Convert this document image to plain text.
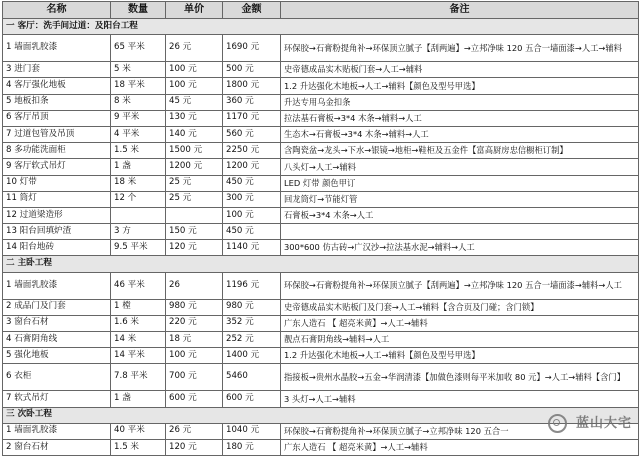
名称	数量	单价	金额	备注
一 客厅：洗手间过道：及阳台工程				
1 墙面乳胶漆	65 平米	26 元	1690 元	环保胶→石膏粉提角补→环保顶立腻子【刮两遍】→立邦净味 120 五合一墙面漆→人工→辅料
3 进门套	5 米	100 元	500 元	史帝德成品实木贴板门套→人工→辅料
4 客厅强化地板	18 平米	100 元	1800 元	1.2 升达强化木地板→人工→辅料【颜色及型号甲选】
5 地板扣条	8 米	45 元	360 元	升达专用乌金扣条
6 客厅吊顶	9 平米	130 元	1170 元	拉法基石膏板→3*4 木条→辅料→人工
7 过道包管及吊顶	4 平米	140 元	560 元	生态木→石膏板→3*4 木条→辅料→人工
8 多功能洗面柜	1.5 米	1500 元	2250 元	含陶瓷盆→龙头→下水→银镜→地柜→鞋柜及五金件【富高厨房忠信橱柜订制】
9 客厅软式吊灯	1 盏	1200 元	1200 元	八头灯→人工→辅料
10 灯带	18 米	25 元	450 元	LED 灯带 颜色甲订
11 筒灯	12 个	25 元	300 元	回龙筒灯→节能灯管
12 过道梁造形			100 元	石膏板→3*4 木条→人工
13 阳台回填炉渣	3 方	150 元	450 元	
14 阳台地砖	9.5 平米	120 元	1140 元	300*600 仿古砖→广汉沙→拉法基水泥→辅料→人工
二 主卧工程				
1 墙面乳胶漆	46 平米	26	1196 元	环保胶→石膏粉提角补→环保顶立腻子【刮两遍】→立邦净味 120 五合一墙面漆→辅料→人工
2 成品门及门套	1 樘	980 元	980 元	史帝德成品实木贴板门及门套→人工→辅料【含合页及门碰；含门锁】
3 窗台石材	1.6 米	220 元	352 元	广东人造石 【 超亮米黄】→人工→辅料
4 石膏阴角线	14 米	18 元	252 元	靓点石膏阴角线→辅料→人工
5 强化地板	14 平米	100 元	1400 元	1.2 升达强化木地板→人工→辅料【颜色及型号甲选】
6 衣柜	7.8 平米	700 元	5460	指接板→贵州水晶胶→五金→华润清漆【加做色漆则每平米加收 80 元】→人工→辅料【含门】
7 软式吊灯	1 盏	600 元	600 元	3 头灯→人工→辅料
三 次卧工程				
1 墙面乳胶漆	40 平米	26 元	1040 元	环保胶→石膏粉提角补→环保顶立腻子→立邦净味 120 五合一
2 窗台石材	1.5 米	120 元	180 元	广东人造石 【 超亮米黄】→人工→辅料
蓝山大宅
